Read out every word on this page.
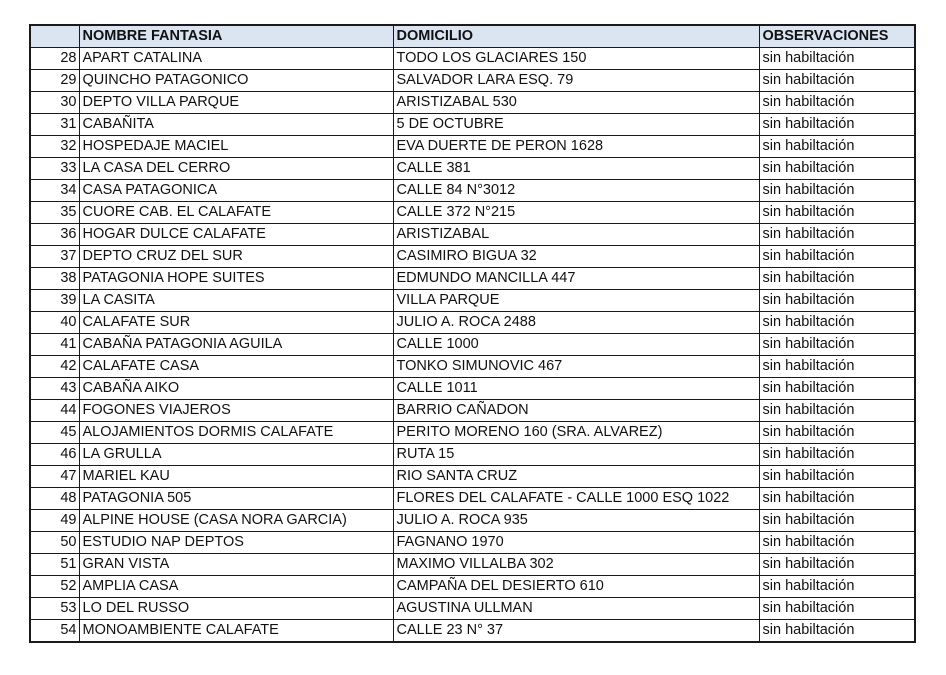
	NOMBRE FANTASIA	DOMICILIO	OBSERVACIONES
28	APART CATALINA	TODO LOS GLACIARES 150	sin habiltación
29	QUINCHO PATAGONICO	SALVADOR LARA ESQ. 79	sin habiltación
30	DEPTO VILLA PARQUE	ARISTIZABAL 530	sin habiltación
31	CABAÑITA	5 DE OCTUBRE	sin habiltación
32	HOSPEDAJE MACIEL	EVA DUERTE DE PERON 1628	sin habiltación
33	LA CASA DEL CERRO	CALLE 381	sin habiltación
34	CASA PATAGONICA	CALLE 84 N°3012	sin habiltación
35	CUORE CAB. EL CALAFATE	CALLE 372 N°215	sin habiltación
36	HOGAR DULCE CALAFATE	ARISTIZABAL	sin habiltación
37	DEPTO CRUZ DEL SUR	CASIMIRO BIGUA 32	sin habiltación
38	PATAGONIA HOPE SUITES	EDMUNDO MANCILLA 447	sin habiltación
39	LA CASITA	VILLA PARQUE	sin habiltación
40	CALAFATE SUR	JULIO A. ROCA 2488	sin habiltación
41	CABAÑA PATAGONIA AGUILA	CALLE 1000	sin habiltación
42	CALAFATE CASA	TONKO SIMUNOVIC 467	sin habiltación
43	CABAÑA AIKO	CALLE 1011	sin habiltación
44	FOGONES VIAJEROS	BARRIO CAÑADON	sin habiltación
45	ALOJAMIENTOS DORMIS CALAFATE	PERITO MORENO 160 (SRA. ALVAREZ)	sin habiltación
46	LA GRULLA	RUTA 15	sin habiltación
47	MARIEL KAU	RIO SANTA CRUZ	sin habiltación
48	PATAGONIA 505	FLORES DEL CALAFATE - CALLE 1000 ESQ 1022	sin habiltación
49	ALPINE HOUSE (CASA NORA GARCIA)	JULIO A. ROCA 935	sin habiltación
50	ESTUDIO NAP DEPTOS	FAGNANO 1970	sin habiltación
51	GRAN VISTA	MAXIMO VILLALBA 302	sin habiltación
52	AMPLIA CASA	CAMPAÑA DEL DESIERTO 610	sin habiltación
53	LO DEL RUSSO	AGUSTINA ULLMAN	sin habiltación
54	MONOAMBIENTE CALAFATE	CALLE 23 N° 37	sin habiltación
